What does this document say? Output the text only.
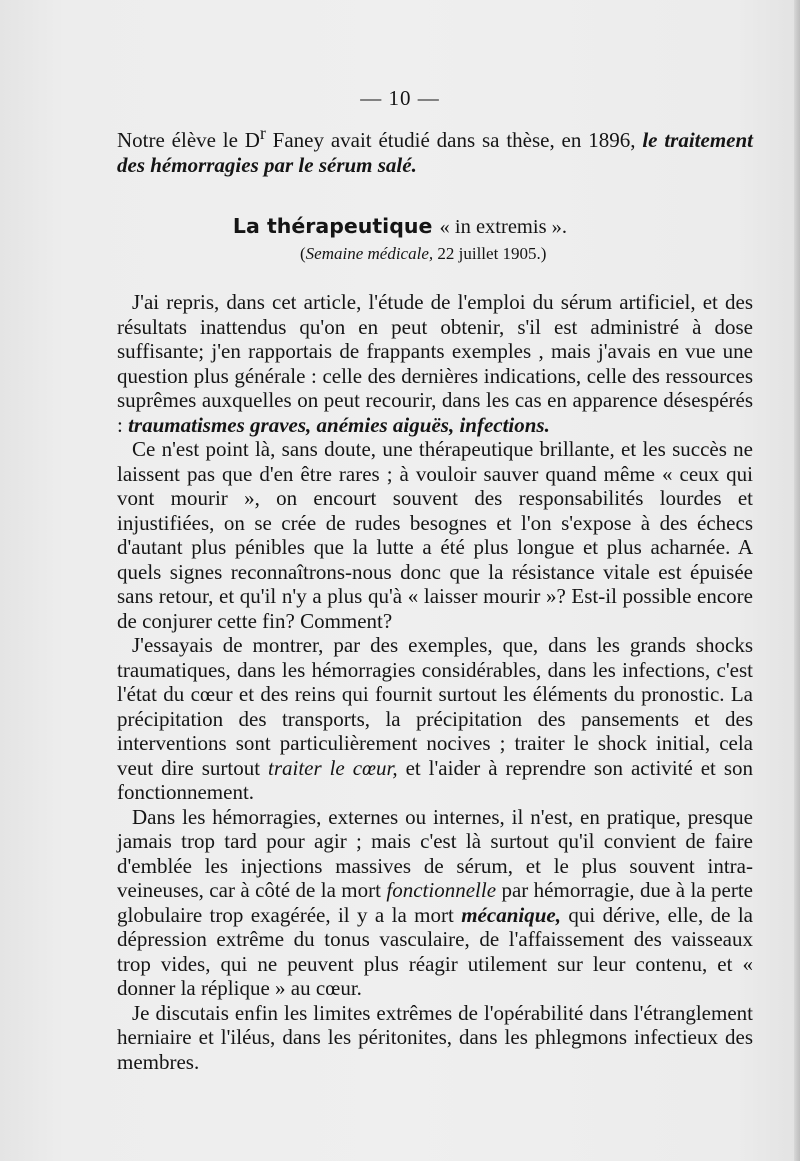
— 10 —
Notre élève le $D^r$ Faney avait étudié dans sa thèse, en 1896, le traitement des hémorragies par le sérum salé.
La thérapeutique « in extremis ».
(Semaine médicale, 22 juillet 1905.)

J'ai repris, dans cet article, l'étude de l'emploi du sérum artificiel, et des résultats inattendus qu'on en peut obtenir, s'il est administré à dose suffisante; j'en rapportais de frappants exemples , mais j'avais en vue une question plus générale : celle des dernières indications, celle des ressources suprêmes auxquelles on peut recourir, dans les cas en apparence désespérés : traumatismes graves, anémies aiguës, infections.

Ce n'est point là, sans doute, une thérapeutique brillante, et les succès ne laissent pas que d'en être rares ; à vouloir sauver quand même « ceux qui vont mourir », on encourt souvent des responsabilités lourdes et injustifiées, on se crée de rudes besognes et l'on s'expose à des échecs d'autant plus pénibles que la lutte a été plus longue et plus acharnée. A quels signes reconnaîtrons-nous donc que la résistance vitale est épuisée sans retour, et qu'il n'y a plus qu'à « laisser mourir »? Est-il possible encore de conjurer cette fin? Comment?

J'essayais de montrer, par des exemples, que, dans les grands shocks traumatiques, dans les hémorragies considérables, dans les infections, c'est l'état du cœur et des reins qui fournit surtout les éléments du pronostic. La précipitation des transports, la précipitation des pansements et des interventions sont particulièrement nocives ; traiter le shock initial, cela veut dire surtout traiter le cœur, et l'aider à reprendre son activité et son fonctionnement.

Dans les hémorragies, externes ou internes, il n'est, en pratique, presque jamais trop tard pour agir ; mais c'est là surtout qu'il convient de faire d'emblée les injections massives de sérum, et le plus souvent intra-veineuses, car à côté de la mort fonctionnelle par hémorragie, due à la perte globulaire trop exagérée, il y a la mort mécanique, qui dérive, elle, de la dépression extrême du tonus vasculaire, de l'affaissement des vaisseaux trop vides, qui ne peuvent plus réagir utilement sur leur contenu, et « donner la réplique » au cœur.

Je discutais enfin les limites extrêmes de l'opérabilité dans l'étranglement herniaire et l'iléus, dans les péritonites, dans les phlegmons infectieux des membres.
